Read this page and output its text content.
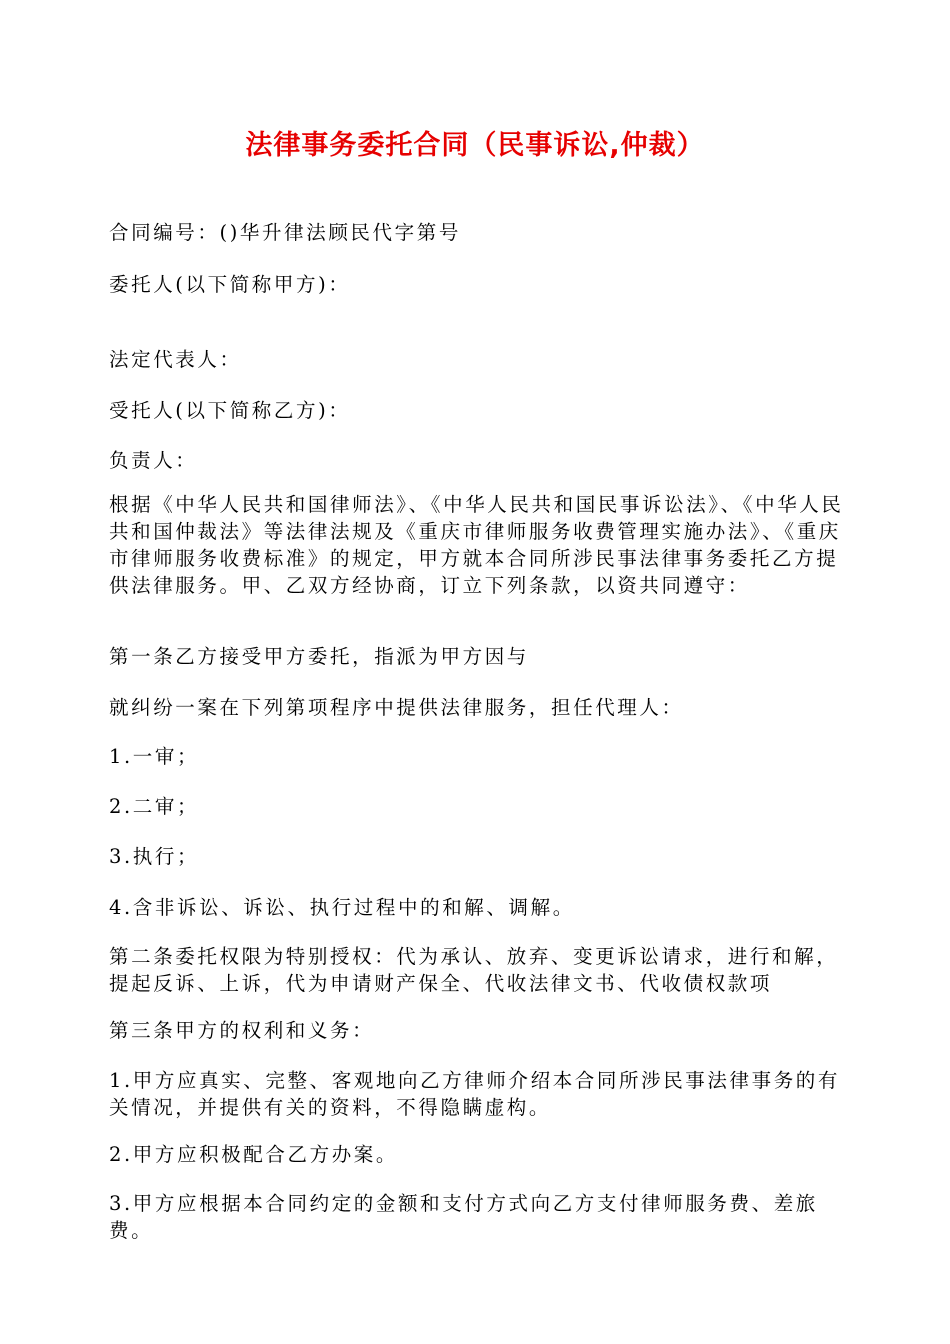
法律事务委托合同（民事诉讼,仲裁）

合同编号：()华升律法顾民代字第号

委托人(以下简称甲方)：

法定代表人：

受托人(以下简称乙方)：

负责人：

根据《中华人民共和国律师法》、《中华人民共和国民事诉讼法》、《中华人民共和国仲裁法》等法律法规及《重庆市律师服务收费管理实施办法》、《重庆市律师服务收费标准》的规定，甲方就本合同所涉民事法律事务委托乙方提供法律服务。甲、乙双方经协商，订立下列条款，以资共同遵守：

第一条乙方接受甲方委托，指派为甲方因与

就纠纷一案在下列第项程序中提供法律服务，担任代理人：

1.一审；

2.二审；

3.执行；

4.含非诉讼、诉讼、执行过程中的和解、调解。

第二条委托权限为特别授权：代为承认、放弃、变更诉讼请求，进行和解，提起反诉、上诉，代为申请财产保全、代收法律文书、代收债权款项

第三条甲方的权利和义务：

1.甲方应真实、完整、客观地向乙方律师介绍本合同所涉民事法律事务的有关情况，并提供有关的资料，不得隐瞒虚构。

2.甲方应积极配合乙方办案。

3.甲方应根据本合同约定的金额和支付方式向乙方支付律师服务费、差旅费。
